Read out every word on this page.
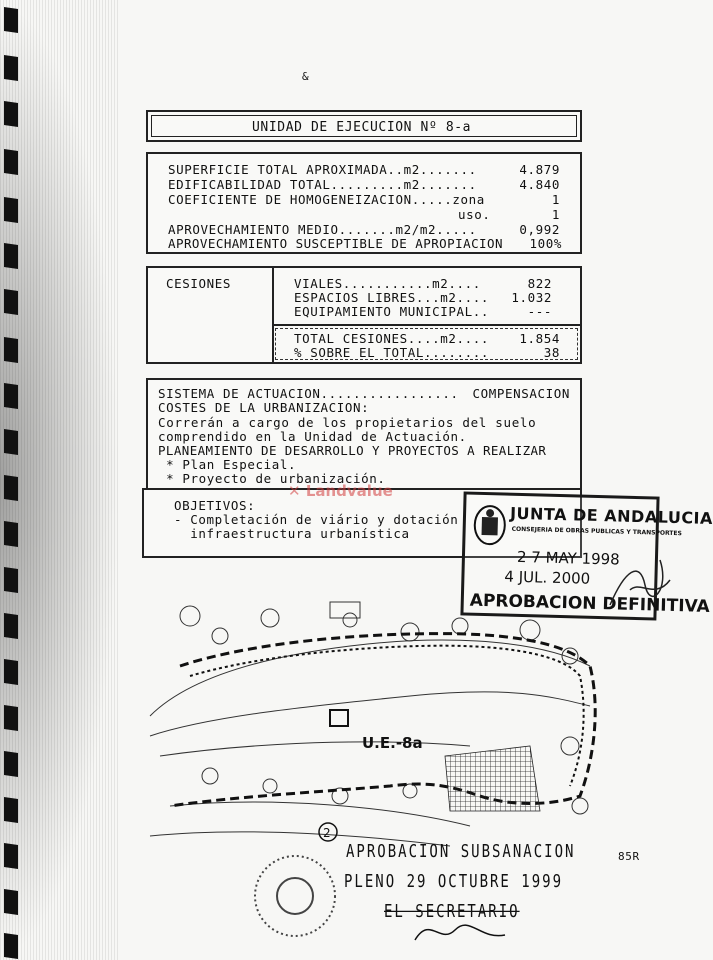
&
UNIDAD DE EJECUCION Nº 8-a
SUPERFICIE TOTAL APROXIMADA..m2.......	4.879
EDIFICABILIDAD TOTAL.........m2.......	4.840
COEFICIENTE DE HOMOGENEIZACION.....zona	1
uso.	1
APROVECHAMIENTO MEDIO.......m2/m2.....	0,992
APROVECHAMIENTO SUSCEPTIBLE DE APROPIACION 100%
CESIONES	VIALES...........m2....	822
ESPACIOS LIBRES...m2.... 1.032
EQUIPAMIENTO MUNICIPAL..	---
TOTAL CESIONES....m2.... 1.854
% SOBRE EL TOTAL........	38
SISTEMA DE ACTUACION................. COMPENSACION
COSTES DE LA URBANIZACION:
Correrán a cargo de los propietarios del suelo
comprendido en la Unidad de Actuación.
PLANEAMIENTO DE DESARROLLO Y PROYECTOS A REALIZAR
* Plan Especial.
* Proyecto de urbanización.
OBJETIVOS:
- Completación de viário y dotación
infraestructura urbanística
✕ Landvalue
JUNTA DE ANDALUCIA
CONSEJERIA DE OBRAS PUBLICAS Y TRANSPORTES
2 7 MAY 1998
4 JUL. 2000
APROBACION DEFINITIVA
U.E.-8a
2
APROBACION SUBSANACION
PLENO 29 OCTUBRE 1999
EL SECRETARIO
85R
